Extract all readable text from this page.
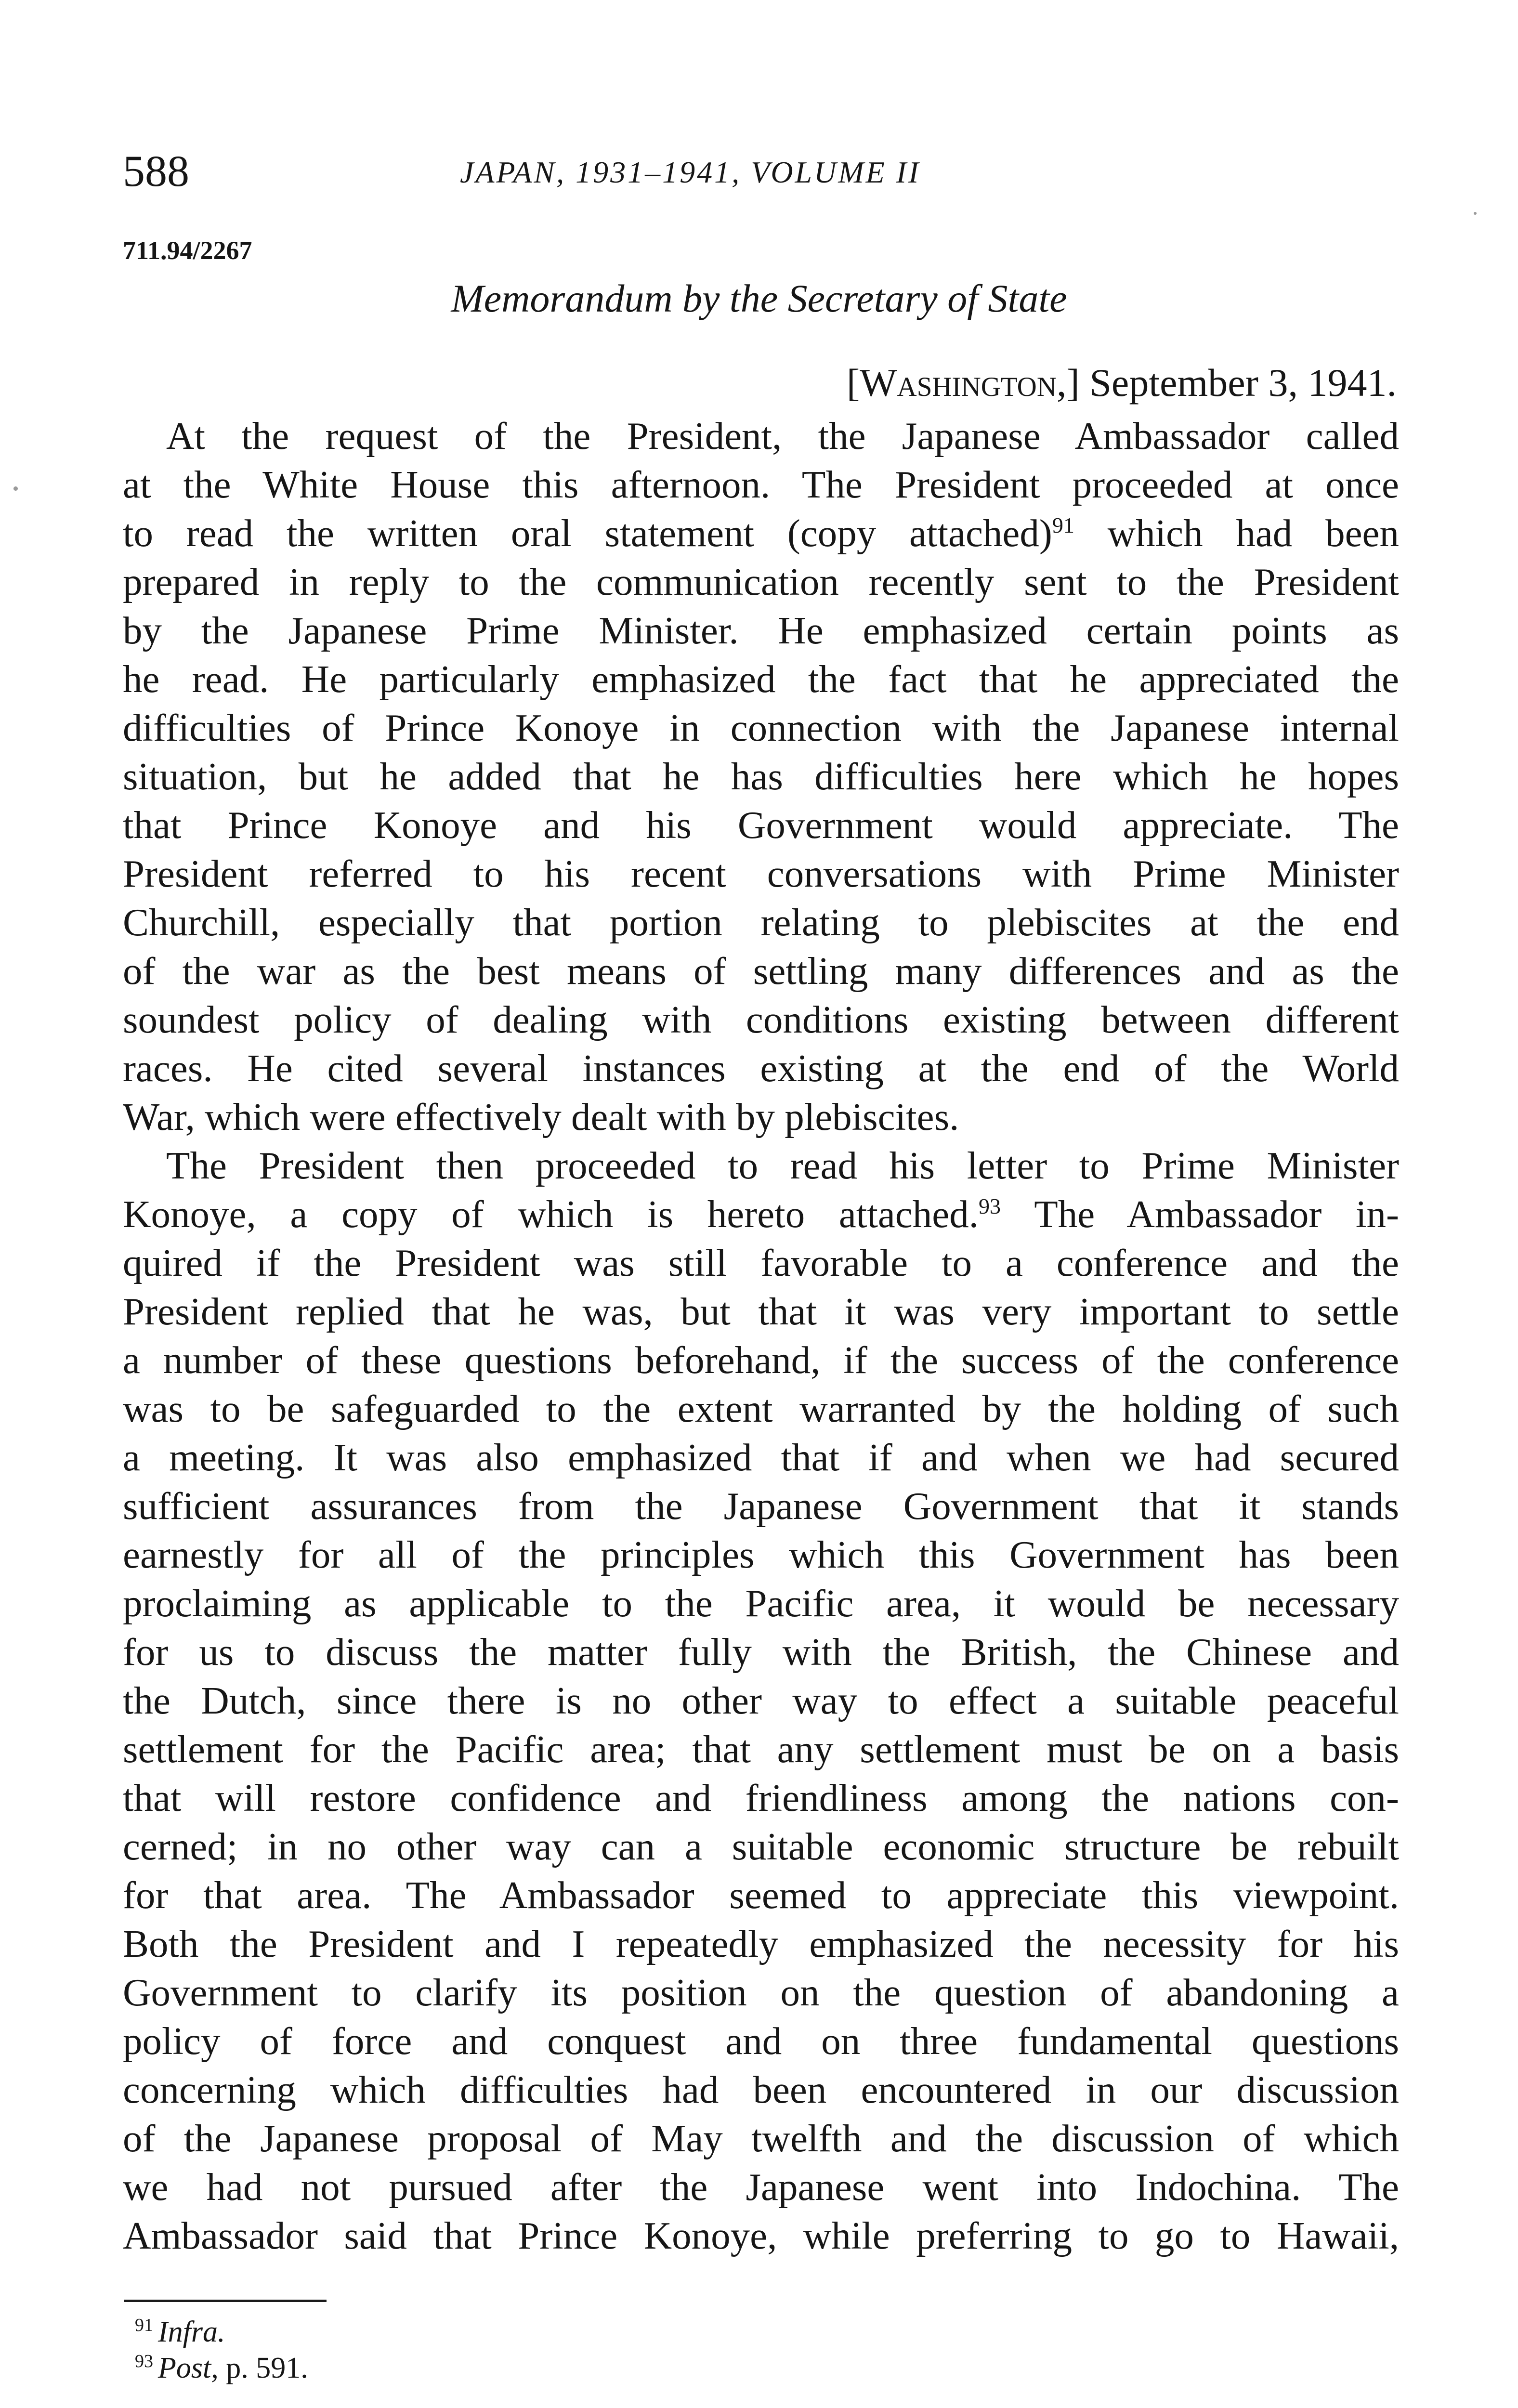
588	JAPAN, 1931–1941, VOLUME II
711.94/2267
Memorandum by the Secretary of State
[Washington,] September 3, 1941.
At the request of the President, the Japanese Ambassador called
at the White House this afternoon. The President proceeded at once
to read the written oral statement (copy attached)$^{91}$ which had been
prepared in reply to the communication recently sent to the President
by the Japanese Prime Minister. He emphasized certain points as
he read. He particularly emphasized the fact that he appreciated the
difficulties of Prince Konoye in connection with the Japanese internal
situation, but he added that he has difficulties here which he hopes
that Prince Konoye and his Government would appreciate. The
President referred to his recent conversations with Prime Minister
Churchill, especially that portion relating to plebiscites at the end
of the war as the best means of settling many differences and as the
soundest policy of dealing with conditions existing between different
races. He cited several instances existing at the end of the World
War, which were effectively dealt with by plebiscites.
The President then proceeded to read his letter to Prime Minister
Konoye, a copy of which is hereto attached.$^{93}$ The Ambassador in-
quired if the President was still favorable to a conference and the
President replied that he was, but that it was very important to settle
a number of these questions beforehand, if the success of the conference
was to be safeguarded to the extent warranted by the holding of such
a meeting. It was also emphasized that if and when we had secured
sufficient assurances from the Japanese Government that it stands
earnestly for all of the principles which this Government has been
proclaiming as applicable to the Pacific area, it would be necessary
for us to discuss the matter fully with the British, the Chinese and
the Dutch, since there is no other way to effect a suitable peaceful
settlement for the Pacific area; that any settlement must be on a basis
that will restore confidence and friendliness among the nations con-
cerned; in no other way can a suitable economic structure be rebuilt
for that area. The Ambassador seemed to appreciate this viewpoint.
Both the President and I repeatedly emphasized the necessity for his
Government to clarify its position on the question of abandoning a
policy of force and conquest and on three fundamental questions
concerning which difficulties had been encountered in our discussion
of the Japanese proposal of May twelfth and the discussion of which
we had not pursued after the Japanese went into Indochina. The
Ambassador said that Prince Konoye, while preferring to go to Hawaii,
$^{91}$ Infra.
$^{93}$ Post, p. 591.
